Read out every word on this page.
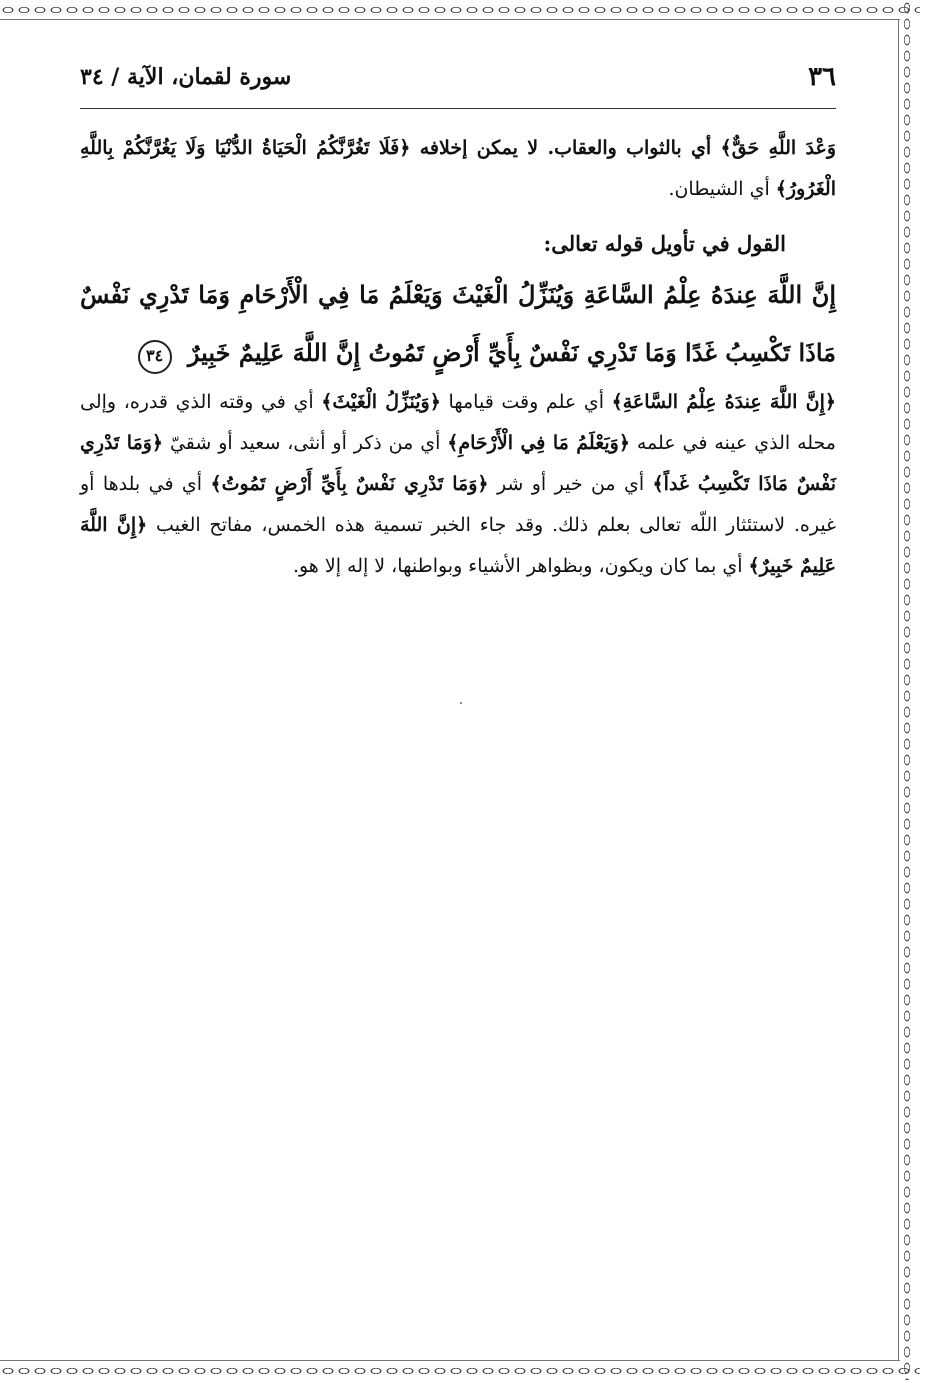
٣٦
سورة لقمان، الآية / ٣٤
وَعْدَ اللَّهِ حَقٌّ﴾ أي بالثواب والعقاب. لا يمكن إخلافه ﴿فَلَا تَغُرَّنَّكُمُ الْحَيَاةُ الدُّنْيَا وَلَا يَغُرَّنَّكُمْ بِاللَّهِ الْغَرُورُ﴾ أي الشيطان.
القول في تأويل قوله تعالى:
إِنَّ اللَّهَ عِندَهُ عِلْمُ السَّاعَةِ وَيُنَزِّلُ الْغَيْثَ وَيَعْلَمُ مَا فِي الْأَرْحَامِ وَمَا تَدْرِي نَفْسٌ مَاذَا تَكْسِبُ غَدًا وَمَا تَدْرِي نَفْسٌ بِأَيِّ أَرْضٍ تَمُوتُ إِنَّ اللَّهَ عَلِيمٌ خَبِيرٌ ٣٤
﴿إِنَّ اللَّهَ عِندَهُ عِلْمُ السَّاعَةِ﴾ أي علم وقت قيامها ﴿وَيُنَزِّلُ الْغَيْثَ﴾ أي في وقته الذي قدره، وإلى محله الذي عينه في علمه ﴿وَيَعْلَمُ مَا فِي الْأَرْحَامِ﴾ أي من ذكر أو أنثى، سعيد أو شقيّ ﴿وَمَا تَدْرِي نَفْسٌ مَاذَا تَكْسِبُ غَداً﴾ أي من خير أو شر ﴿وَمَا تَدْرِي نَفْسٌ بِأَيِّ أَرْضٍ تَمُوتُ﴾ أي في بلدها أو غيره. لاستئثار اللّه تعالى بعلم ذلك. وقد جاء الخبر تسمية هذه الخمس، مفاتح الغيب ﴿إِنَّ اللَّهَ عَلِيمٌ خَبِيرٌ﴾ أي بما كان ويكون، وبظواهر الأشياء وبواطنها، لا إله إلا هو.
